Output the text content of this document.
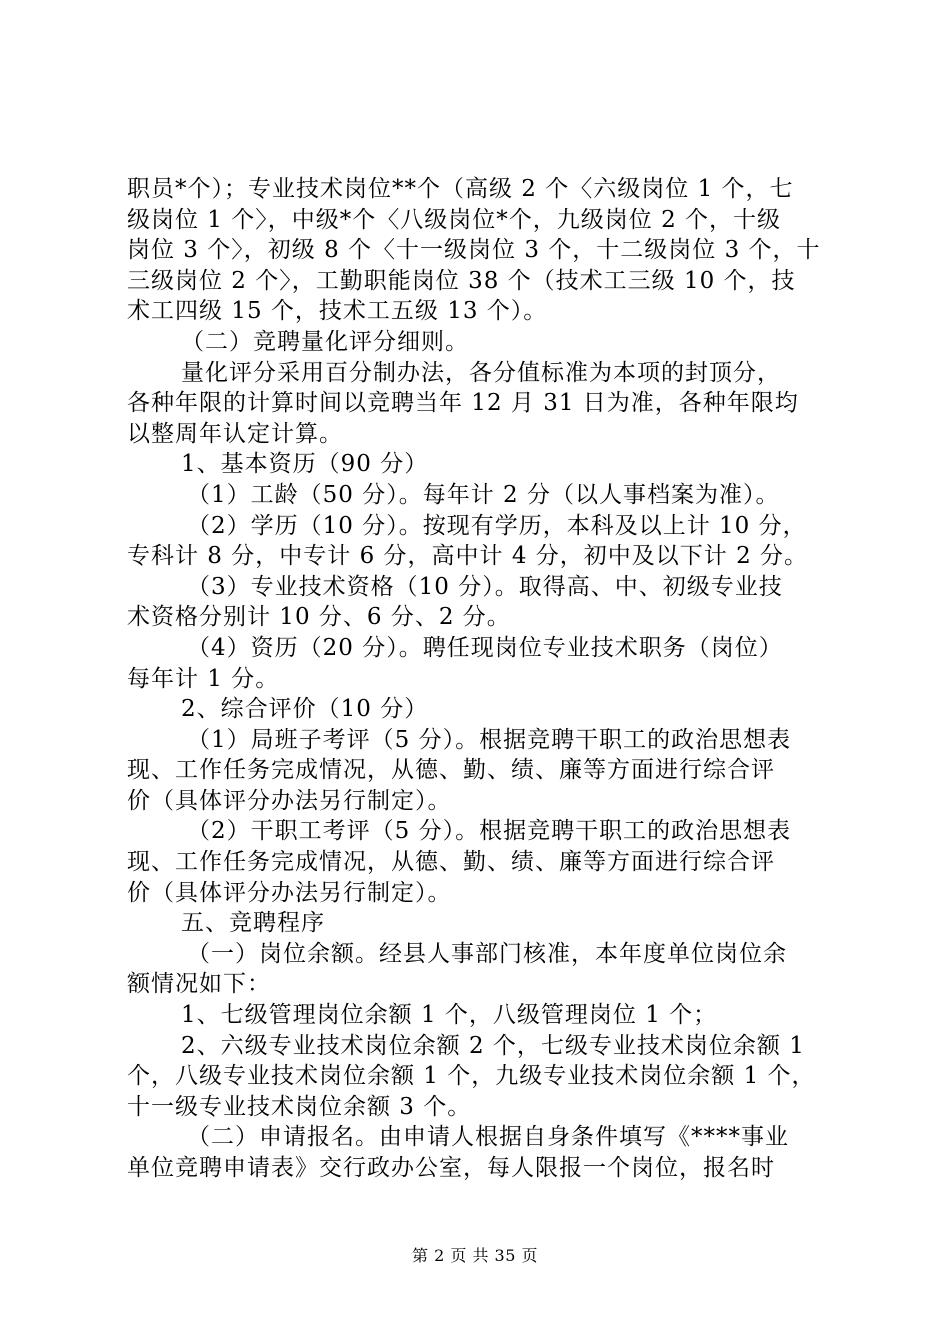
职员*个）；专业技术岗位**个（高级 2 个〈六级岗位 1 个，七
级岗位 1 个〉，中级*个〈八级岗位*个，九级岗位 2 个，十级
岗位 3 个〉，初级 8 个〈十一级岗位 3 个，十二级岗位 3 个，十
三级岗位 2 个〉，工勤职能岗位 38 个（技术工三级 10 个，技
术工四级 15 个，技术工五级 13 个）。
（二）竞聘量化评分细则。
量化评分采用百分制办法，各分值标准为本项的封顶分，
各种年限的计算时间以竞聘当年 12 月 31 日为准，各种年限均
以整周年认定计算。
1、基本资历（90 分）
（1）工龄（50 分）。每年计 2 分（以人事档案为准）。
（2）学历（10 分）。按现有学历，本科及以上计 10 分，
专科计 8 分，中专计 6 分，高中计 4 分，初中及以下计 2 分。
（3）专业技术资格（10 分）。取得高、中、初级专业技
术资格分别计 10 分、6 分、2 分。
（4）资历（20 分）。聘任现岗位专业技术职务（岗位）
每年计 1 分。
2、综合评价（10 分）
（1）局班子考评（5 分）。根据竞聘干职工的政治思想表
现、工作任务完成情况，从德、勤、绩、廉等方面进行综合评
价（具体评分办法另行制定）。
（2）干职工考评（5 分）。根据竞聘干职工的政治思想表
现、工作任务完成情况，从德、勤、绩、廉等方面进行综合评
价（具体评分办法另行制定）。
五、竞聘程序
（一）岗位余额。经县人事部门核准，本年度单位岗位余
额情况如下：
1、七级管理岗位余额 1 个，八级管理岗位 1 个；
2、六级专业技术岗位余额 2 个，七级专业技术岗位余额 1
个，八级专业技术岗位余额 1 个，九级专业技术岗位余额 1 个，
十一级专业技术岗位余额 3 个。
（二）申请报名。由申请人根据自身条件填写《****事业
单位竞聘申请表》交行政办公室，每人限报一个岗位，报名时
第 2 页 共 35 页
